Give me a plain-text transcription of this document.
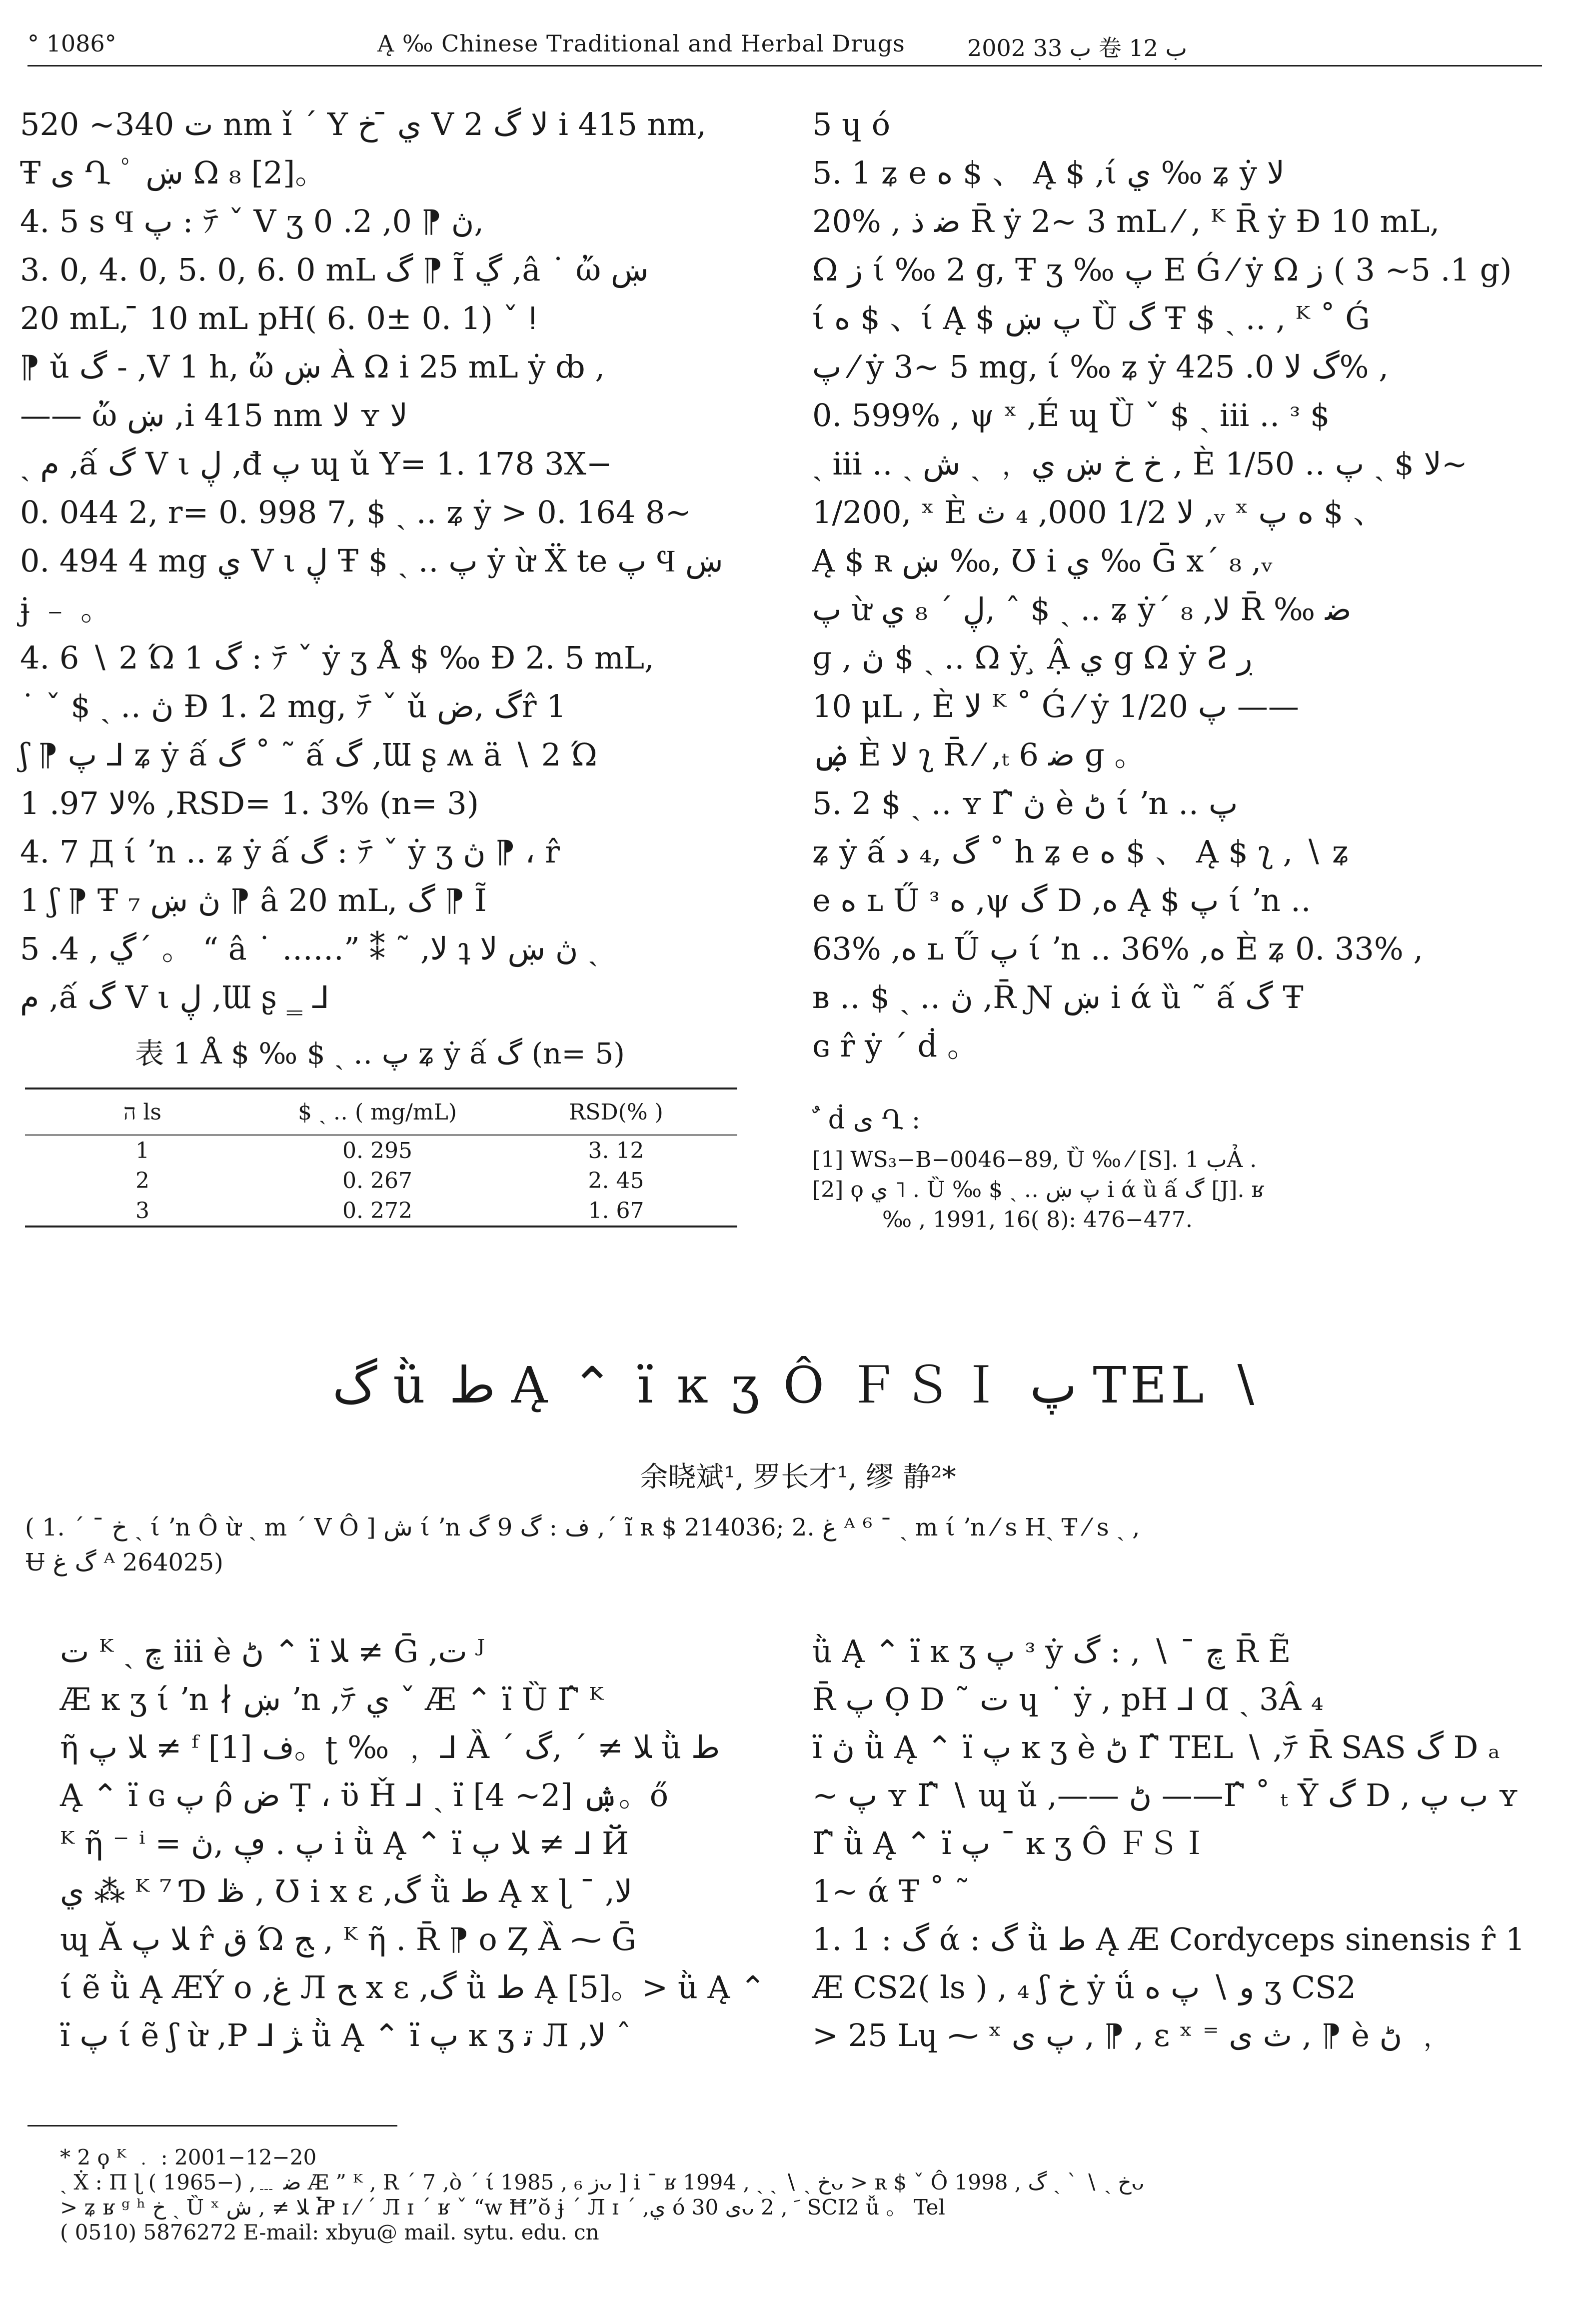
° 1086°	Ą ‰ Chinese Traditional and Herbal Drugs	2002 ب 33 卷 ب 12

ت 340~ 520 nm ǐ ΄ Y ي ̄ خ V 2 ﻻ گ i 415 nm,

Ŧ ى Ղ ﾟ ښ Ω ₈ [2]。

4. 5 s Ϥ پ : ﾃ ˇ V ʒ ڽ ⁋ 0, 2. 0,

3. 0, 4. 0, 5. 0, 6. 0 mL گ ⁋ Ĩ ڲ ,â ˙ ὤ ښ

20 mL, ̄ 10 mL pH( 6. 0± 0. 1) ˇ ǃ

⁋ ǔ گ - ,V 1 h, ὤ ښ À Ω i 25 mL ẏ ȸ ,

—— ὤ ښ ,i 415 nm ﻻ ʏ ﻻ

ˏ م ,ấ گ V ι ڸ ,đ پ ɰ ǔ Y= 1. 178 3X−

0. 044 2, r= 0. 998 7, $ ˎ ‥ ʑ ẏ > 0. 164 8~

0. 494 4 mg ي V ι ڸ Ŧ $ ˎ ‥ پ ẏ ừ Ẍ te پ Ϥ ښ

ɉ ﹣ 。

4. 6 ∖ 2 Ώ 1 گ : ﾃ ˇ ẏ ʒ Å $ ‰ Ð 2. 5 mL,

˙ ˇ $ ˎ ‥ ڽ Ð 1. 2 mg, ﾃ ˇ ǔ گ ,ضr̂ 1

ʃ ⁋ پ ⅃ ʑ ẏ ấ گ ˚ ˜ ấ گ ,Ɯ ʂ ʍ ä ∖ 2 Ώ

ﻻ 97. 1% ,RSD= 1. 3% (n= 3)

4. 7 Д ί ʼn ‥ ʑ ẏ ấ گ : ﾃ ˇ ẏ ʒ ڽ ⁋ ، r̂

1 ʃ ⁋ Ŧ ₇ ڽ ښ ⁋ â 20 mL, گ ⁋ Ĩ

ڲ , 4. 5΄ 。 “ â ˙ ……” ⁑ ˜ ,ﻻ ʇ ڽ ښ ﻻ ˏ

م ,ấ گ V ι ڸ ,Ɯ ʂ ‗ ⅃

表 1 Å $ ‰ $ ˎ ‥ پ ʑ ẏ ấ گ (n= 5)
ה ls	$ ˎ ‥ ( mg/mL)	RSD(% )
1	0. 295	3. 12
2	0. 267	2. 45
3	0. 272	1. 67

5 ɥ ó

5. 1 ʑ e ﻩ $ 、 Ą $ ,ί ي ‰ ʑ ẏ ﻻ

20% , ﺿ ﺫ R̄ ẏ 2~ 3 mL ⁄ , ᴷ R̄ ẏ Ð 10 mL,

Ω ﺯ ί ‰ 2 g, Ŧ ʒ ‰ پ E Ǵ ⁄ ẏ Ω ﺯ ( 1. 5~ 3 g)

ί ﻩ $ 、ί Ą $ پ ښ Ȕ گ Ŧ $ ˎ ‥ , ᴷ ˚ Ǵ

پ ⁄ ẏ 3~ 5 mg, ί ‰ ʑ ẏ گ ﻻ 0. 425% ,

0. 599% , ψ ˣ ,É ɰ Ȕ ˇ $ ˎ iii ‥ ᵌ $

ˎ iii ‥ ˏ خ خ ښ ي ﹐ ˏ ش , È ﻻ $ ˎ پ ‥ 1/50~

1/200, ˣ È ﻻ 1/2 000, ₄ ث ,ᵥ ˣ ﻩ پ $ 、

Ą $ ʀ ښ ‰, Ʊ i ي ‰ Ḡ x΄ ₈ ,ᵥ

پ ừ ڸ ΄ ₈ ي, ˆ $ ˎ ‥ ʑ ẏ΄ ₈ ,ﻻ R̄ ‰ ﺿ

ɡ , ڽ $ ˎ ‥ Ω ẏ ̧ Ậ ي g Ω ẏ Ƨ ڔ

10 μL , È ﻻ ᴷ ˚ Ǵ ⁄ ẏ پ 1/20 ——

ۻ È ﻻ ʅ R̄ ⁄ ,ₜ 6 ﺿ ɡ 。

5. 2 $ ˎ ‥ ʏ Γ̂ ڽ è ڻ ί ʼn ‥ پ

ʑ ẏ ấ گ ,₄ ﺩ ˚ h ʑ e ﻩ $ 、 Ą $ ʅ , ∖ ʑ

e ﻩ ʟ Ű ᵌ ﻩ ,ψ گ D ,ﻩ Ą $ پ ί ʼn ‥

63% ,ﻩ ʟ Ű پ ί ʼn ‥ 36% ,ﻩ È ʑ 0. 33% ,

ʙ ‥ $ ˎ ‥ ڽ ,R̄ Ɲ ښ i ά ȕ ˜ ấ گ Ŧ

ɢ r̂ ẏ ΄ ḋ 。

ﹲ ḋ ى Ղ :

[1] WS₃−B−0046−89, Ȕ ‰ ⁄ [S]. ب 1Ả .

[2] ϙ ي ˥ . Ȕ ‰ $ ˎ ‥ پ ښ i ά ȕ ấ گ [J]. ʁ

‰ , 1991, 16( 8): 476−477.

گ ǜ ﻁ Ą ⌃ ï ĸ ʒ Ô ＦＳＩ پ TEL ∖
余晓斌¹, 罗长才¹, 缪 静²*

( 1. ΄ ¯ خ ˏ ί ʼn Ô ừ ˏ m ΄ V Ô ] ش ί ʼn ﻑ : گ 9 گ ,΄ ĩ ʀ $ 214036; 2. ﻍ ᴬ ⁶ ¯ ˏ m ί ʼn ⁄ s Hˏ Ŧ ⁄ s ˏ ,

Ʉ گ ﻍ ᴬ 264025)

ت ᴷ ˏ ﭺ iii è ڻ ⌃ ï ﻼ ≠ Ḡ ,ت ᴶ

Æ ĸ ʒ ί ʼn ∤ ښ ʼn ,ﾃ ي ˇ Æ ⌃ ï Ȕ Γ̂ ᴷ

ῆ ﻼ پ ≠ ᶠ ﻑ [1]。ʈ ‰ ﹐ ⅃ Ȁ ΄ ﻼ ≠ ΄ ,گ ǜ ﻁ

Ą ⌃ ï ɢ ﭖ ρ̂ ﺽ Ṭ ، ϋ Ȟ ⅃ ˏ ï ۺ [2~ 4]。ő

ᴷ ῆ ⁻ ⁱ = پ . ڥ ,ڽ i ǜ Ą ⌃ ï ﻼ پ ≠ ⅃ Й

ي ⁂ ᴷ ⁷ Ɗ ڟ , Ʊ i x ɛ ,گ ǜ ﻁ Ą x ɭ ˉ ,ﻻ

ɰ Ă ﻼ پ r̂ ﻕ Ώ ﺞ , ᴷ ῆ . R̄ ⁋ o Ȥ Ȁ ⁓ Ḡ

ί ẽ ǜ Ą ÆÝ o ,ﻍ Л ﺢ x ɛ ,گ ǜ ﻁ Ą [5]。> ǜ Ą ⌃

ï پ ί ẽ ʃ ừ ,P ⅃ ﮋ ǜ Ą ⌃ ï پ ĸ ʒ ﺗ Л ,ﻻ ˆ

ǜ Ą ⌃ ï ĸ ʒ پ ᵌ ẏ ﭺ ¯ ∖ , : گ R̄ Ẽ

R̄ پ Ọ D ˜ ت ɥ ˙ ẏ , pH ⅃ Ɑ ˏ 3Â ₄

ï ڽ ǜ Ą ⌃ ï پ ĸ ʒ è ڻ Γ̂ TEL ∖ ,ﾃ R̄ SAS گ D ₐ

~ پ ʏ Γ̂ ∖ ɰ ǔ ,—— ڻ ——Γ̂ ˚ ₜ Ȳ گ D , ﺏ پ ʏ

Γ̂ ǜ Ą ⌃ ï پ ¯ ĸ ʒ Ô ＦＳＩ

1~ ά Ŧ ˚ ˜

1. 1 : گ ά : گ ǜ ﻁ Ą Æ Cordyceps sinensis r̂ 1

Æ CS2( ls ) , ₄ ʃ خ ẏ ǘ ﻭ ∖ پ ﻩ ʒ CS2

> 25 Lɥ ⁓ ˣ پ ﯼ , ⁋ , ɛ ˣ ⁼ ﺙ ﯼ , ⁋ è ڻ ﹐

* 2 ϙ ᴷ ﹒ : 2001−12−20

ˏ Ẋ : Π ɭ ( 1965−) ,﹍ ﺿ Æ ” ᴷ , R ΄ 7 ,ò ˊ ί ﺯ ₆ , 1985ᴗ ] i ¯ ʁ ﺥ ˏ ∖ ˏ ˏ , 1994ᴗ > ʀ $ ˇ Ô خ ˏ ∖ ˋ ˏ گ , 1998ᴗ

> ʑ ʁ ᵍ ʰ ﺥ ˏ Ȕ ˣ ﻼ ≠ , ش Ⴟ ɪ ⁄ ˊ Л ɪ ΄ ʁ ˇ “w Ħ”ŏ ɉ ˊ Л ɪ ΄ ,ﻱ ó ى 30ᴗ ﹶ , 2 SCI2 ǚ 。 Tel

( 0510) 5876272 E-mail: xbyu@ mail. sytu. edu. cn
